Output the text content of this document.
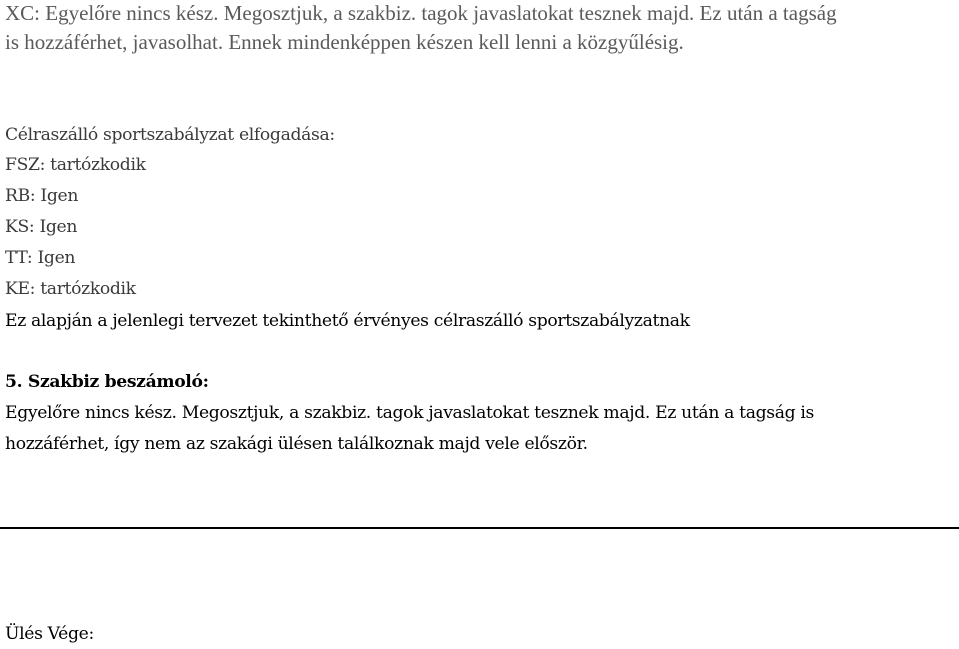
XC: Egyelőre nincs kész. Megosztjuk, a szakbiz. tagok javaslatokat tesznek majd. Ez után a tagság
is hozzáférhet, javasolhat. Ennek mindenképpen készen kell lenni a közgyűlésig.
Célraszálló sportszabályzat elfogadása:
FSZ: tartózkodik
RB: Igen
KS: Igen
TT: Igen
KE: tartózkodik
Ez alapján a jelenlegi tervezet tekinthető érvényes célraszálló sportszabályzatnak
5. Szakbiz beszámoló:
Egyelőre nincs kész. Megosztjuk, a szakbiz. tagok javaslatokat tesznek majd. Ez után a tagság is
hozzáférhet, így nem az szakági ülésen találkoznak majd vele először.
Ülés Vége:
